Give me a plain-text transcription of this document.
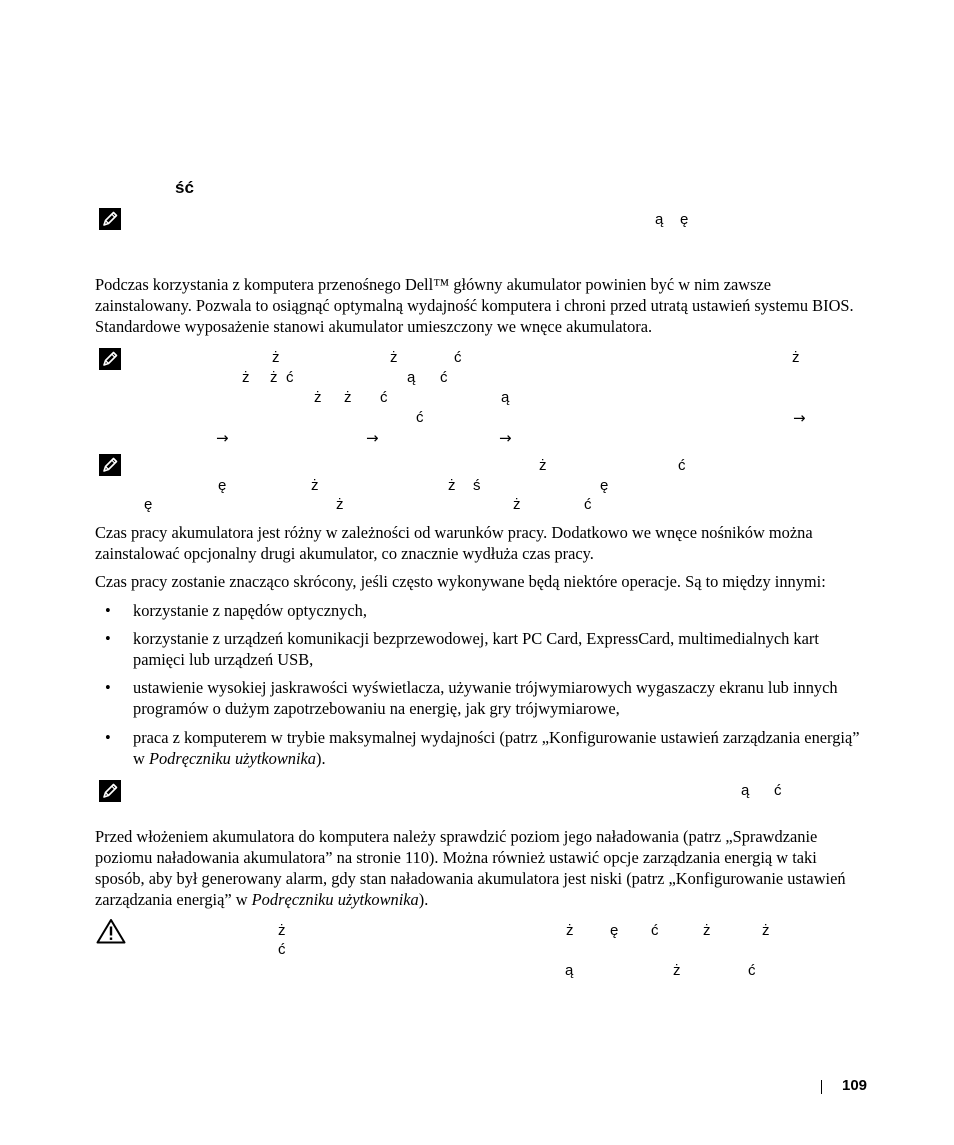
ść
ą ę

Podczas korzystania z komputera przenośnego Dell™ główny akumulator powinien być w nim zawsze zainstalowany. Pozwala to osiągnąć optymalną wydajność komputera i chroni przed utratą ustawień systemu BIOS. Standardowe wyposażenie stanowi akumulator umieszczony we wnęce akumulatora.

ż	ż	ć	ż
ż ż ć	ą ć
ż ż ć	ą
ć	→
→	→	→
ż	ć
ę	ż	ż ś	ę
ę	ż	ż	ć

Czas pracy akumulatora jest różny w zależności od warunków pracy. Dodatkowo we wnęce nośników można zainstalować opcjonalny drugi akumulator, co znacznie wydłuża czas pracy.

Czas pracy zostanie znacząco skrócony, jeśli często wykonywane będą niektóre operacje. Są to między innymi:

• korzystanie z napędów optycznych,

• korzystanie z urządzeń komunikacji bezprzewodowej, kart PC Card, ExpressCard, multimedialnych kart pamięci lub urządzeń USB,

• ustawienie wysokiej jaskrawości wyświetlacza, używanie trójwymiarowych wygaszaczy ekranu lub innych programów o dużym zapotrzebowaniu na energię, jak gry trójwymiarowe,

• praca z komputerem w trybie maksymalnej wydajności (patrz „Konfigurowanie ustawień zarządzania energią” w Podręczniku użytkownika).

ą ć

Przed włożeniem akumulatora do komputera należy sprawdzić poziom jego naładowania (patrz „Sprawdzanie poziomu naładowania akumulatora” na stronie 110). Można również ustawić opcje zarządzania energią w taki sposób, aby był generowany alarm, gdy stan naładowania akumulatora jest niski (patrz „Konfigurowanie ustawień zarządzania energią” w Podręczniku użytkownika).

ż	ż ę ć	ż	ż
ć
ą	ż	ć
109
